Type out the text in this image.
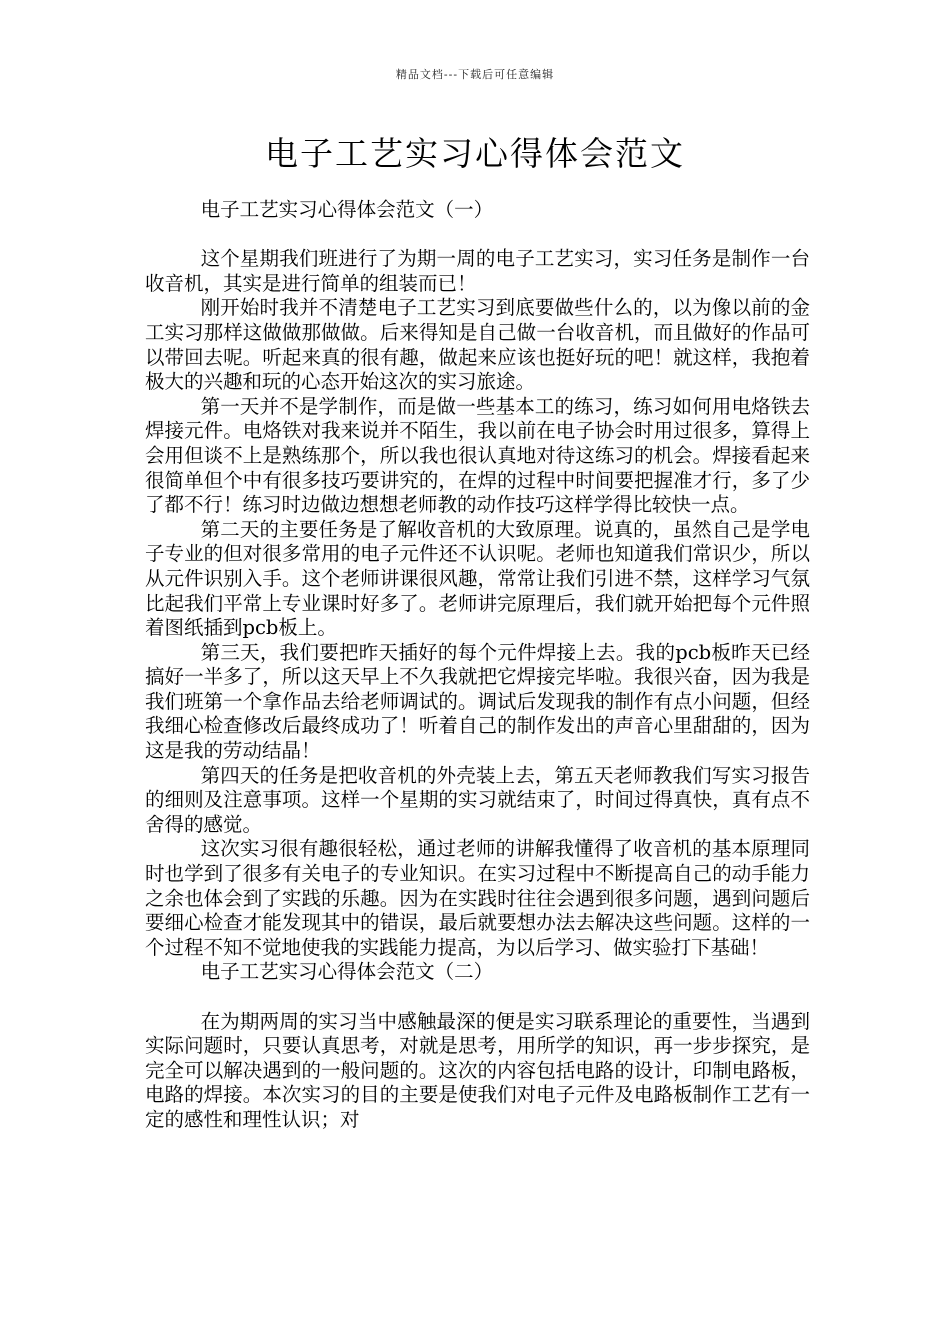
精品文档---下载后可任意编辑
电子工艺实习心得体会范文
电子工艺实习心得体会范文（一）

这个星期我们班进行了为期一周的电子工艺实习，实习任务是制作一台收音机，其实是进行简单的组装而已！

刚开始时我并不清楚电子工艺实习到底要做些什么的，以为像以前的金工实习那样这做做那做做。后来得知是自己做一台收音机，而且做好的作品可以带回去呢。听起来真的很有趣，做起来应该也挺好玩的吧！就这样，我抱着极大的兴趣和玩的心态开始这次的实习旅途。

第一天并不是学制作，而是做一些基本工的练习，练习如何用电烙铁去焊接元件。电烙铁对我来说并不陌生，我以前在电子协会时用过很多，算得上会用但谈不上是熟练那个，所以我也很认真地对待这练习的机会。焊接看起来很简单但个中有很多技巧要讲究的，在焊的过程中时间要把握准才行，多了少了都不行！练习时边做边想想老师教的动作技巧这样学得比较快一点。

第二天的主要任务是了解收音机的大致原理。说真的，虽然自己是学电子专业的但对很多常用的电子元件还不认识呢。老师也知道我们常识少，所以从元件识别入手。这个老师讲课很风趣，常常让我们引进不禁，这样学习气氛比起我们平常上专业课时好多了。老师讲完原理后，我们就开始把每个元件照着图纸插到pcb板上。

第三天，我们要把昨天插好的每个元件焊接上去。我的pcb板昨天已经搞好一半多了，所以这天早上不久我就把它焊接完毕啦。我很兴奋，因为我是我们班第一个拿作品去给老师调试的。调试后发现我的制作有点小问题，但经我细心检查修改后最终成功了！听着自己的制作发出的声音心里甜甜的，因为这是我的劳动结晶！

第四天的任务是把收音机的外壳装上去，第五天老师教我们写实习报告的细则及注意事项。这样一个星期的实习就结束了，时间过得真快，真有点不舍得的感觉。

这次实习很有趣很轻松，通过老师的讲解我懂得了收音机的基本原理同时也学到了很多有关电子的专业知识。在实习过程中不断提高自己的动手能力之余也体会到了实践的乐趣。因为在实践时往往会遇到很多问题，遇到问题后要细心检查才能发现其中的错误，最后就要想办法去解决这些问题。这样的一个过程不知不觉地使我的实践能力提高，为以后学习、做实验打下基础！

电子工艺实习心得体会范文（二）

在为期两周的实习当中感触最深的便是实习联系理论的重要性，当遇到实际问题时，只要认真思考，对就是思考，用所学的知识，再一步步探究，是完全可以解决遇到的一般问题的。这次的内容包括电路的设计，印制电路板，电路的焊接。本次实习的目的主要是使我们对电子元件及电路板制作工艺有一定的感性和理性认识；对
